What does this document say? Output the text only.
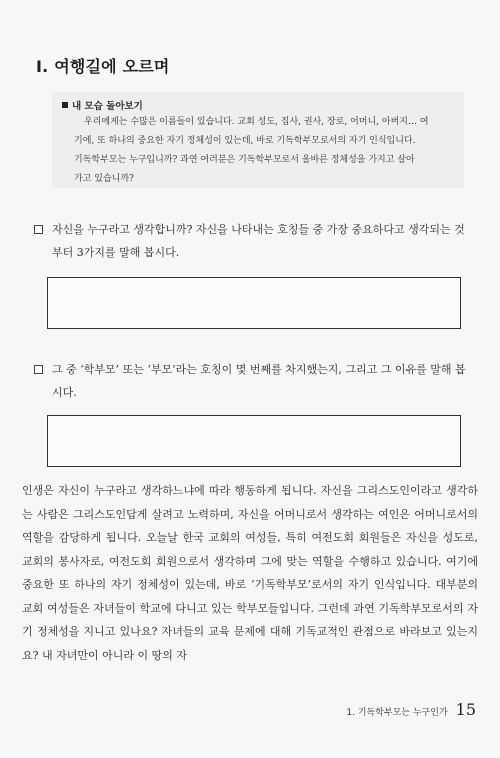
Ⅰ. 여행길에 오르며
내 모습 돌아보기

우리에게는 수많은 이름들이 있습니다. 교회 성도, 집사, 권사, 장로, 어머니, 아버지… 여

기에, 또 하나의 중요한 자기 정체성이 있는데, 바로 기독학부모로서의 자기 인식입니다.

기독학부모는 누구입니까? 과연 여러분은 기독학부모로서 올바른 정체성을 가지고 살아

가고 있습니까?

자신을 누구라고 생각합니까? 자신을 나타내는 호칭들 중 가장 중요하다고 생각되는 것부터 3가지를 말해 봅시다.
그 중 ‘학부모’ 또는 ‘부모’라는 호칭이 몇 번째를 차지했는지, 그리고 그 이유를 말해 봅시다.

인생은 자신이 누구라고 생각하느냐에 따라 행동하게 됩니다. 자신을 그리스도인이라고 생각하는 사람은 그리스도인답게 살려고 노력하며, 자신을 어머니로서 생각하는 여인은 어머니로서의 역할을 감당하게 됩니다. 오늘날 한국 교회의 여성들, 특히 여전도회 회원들은 자신을 성도로, 교회의 봉사자로, 여전도회 회원으로서 생각하며 그에 맞는 역할을 수행하고 있습니다. 여기에 중요한 또 하나의 자기 정체성이 있는데, 바로 ‘기독학부모’로서의 자기 인식입니다. 대부분의 교회 여성들은 자녀들이 학교에 다니고 있는 학부모들입니다. 그런데 과연 기독학부모로서의 자기 정체성을 지니고 있나요? 자녀들의 교육 문제에 대해 기독교적인 관점으로 바라보고 있는지요? 내 자녀만이 아니라 이 땅의 자

1. 기독학부모는 누구인가 15
